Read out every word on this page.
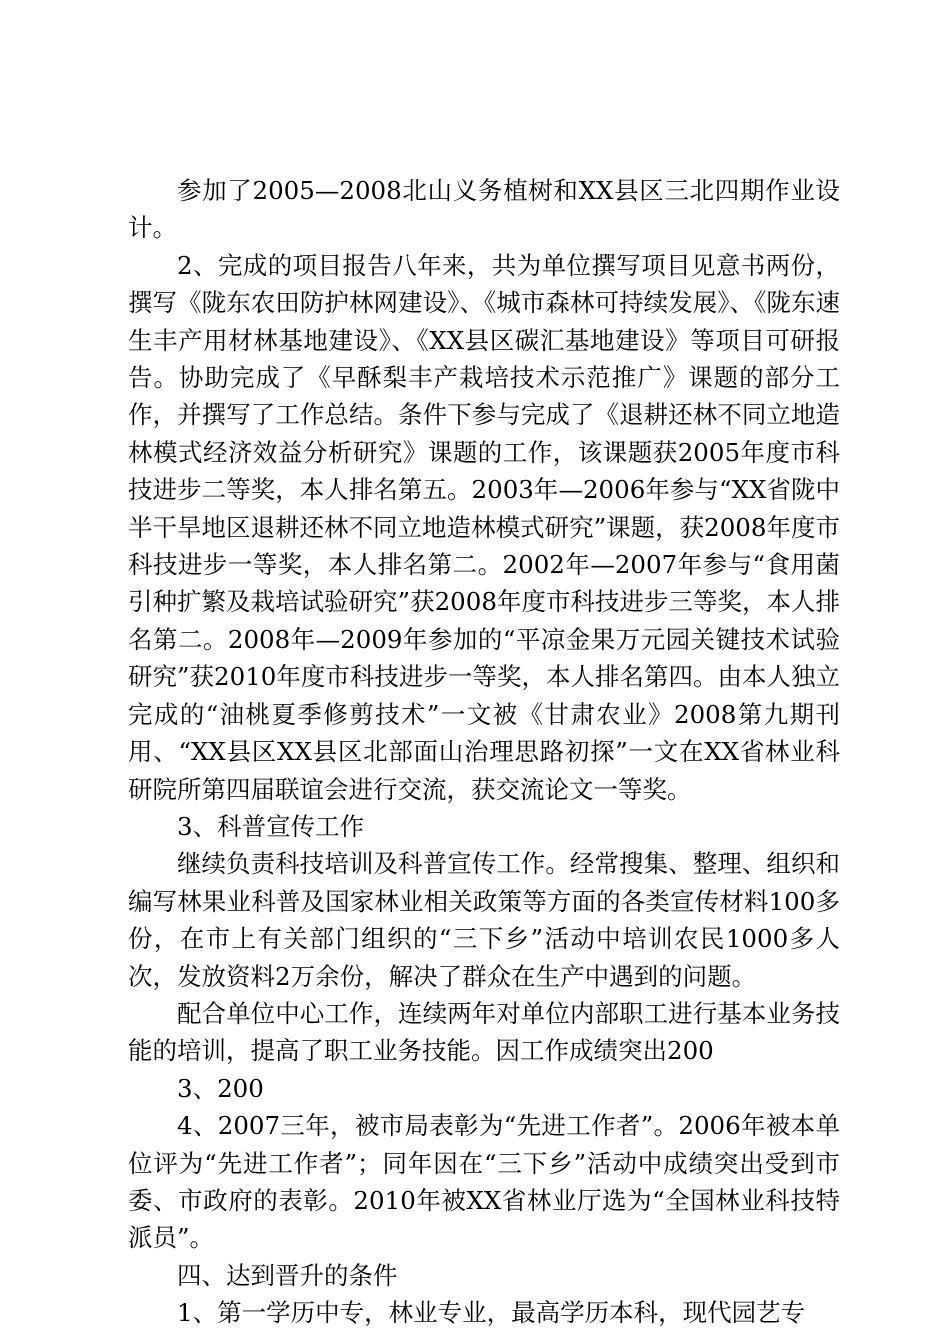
参加了2005—2008北山义务植树和XX县区三北四期作业设计。

2、完成的项目报告八年来，共为单位撰写项目见意书两份，撰写《陇东农田防护林网建设》、《城市森林可持续发展》、《陇东速生丰产用材林基地建设》、《XX县区碳汇基地建设》等项目可研报告。协助完成了《早酥梨丰产栽培技术示范推广》课题的部分工作，并撰写了工作总结。条件下参与完成了《退耕还林不同立地造林模式经济效益分析研究》课题的工作，该课题获2005年度市科技进步二等奖，本人排名第五。2003年—2006年参与“XX省陇中半干旱地区退耕还林不同立地造林模式研究”课题，获2008年度市科技进步一等奖，本人排名第二。2002年—2007年参与“食用菌引种扩繁及栽培试验研究”获2008年度市科技进步三等奖，本人排名第二。2008年—2009年参加的“平凉金果万元园关键技术试验研究”获2010年度市科技进步一等奖，本人排名第四。由本人独立完成的“油桃夏季修剪技术”一文被《甘肃农业》2008第九期刊用、“XX县区XX县区北部面山治理思路初探”一文在XX省林业科研院所第四届联谊会进行交流，获交流论文一等奖。

3、科普宣传工作

继续负责科技培训及科普宣传工作。经常搜集、整理、组织和编写林果业科普及国家林业相关政策等方面的各类宣传材料100多份，在市上有关部门组织的“三下乡”活动中培训农民1000多人次，发放资料2万余份，解决了群众在生产中遇到的问题。

配合单位中心工作，连续两年对单位内部职工进行基本业务技能的培训，提高了职工业务技能。因工作成绩突出200

3、200

4、2007三年，被市局表彰为“先进工作者”。2006年被本单位评为“先进工作者”；同年因在“三下乡”活动中成绩突出受到市委、市政府的表彰。2010年被XX省林业厅选为“全国林业科技特派员”。

四、达到晋升的条件

1、第一学历中专，林业专业，最高学历本科，现代园艺专
